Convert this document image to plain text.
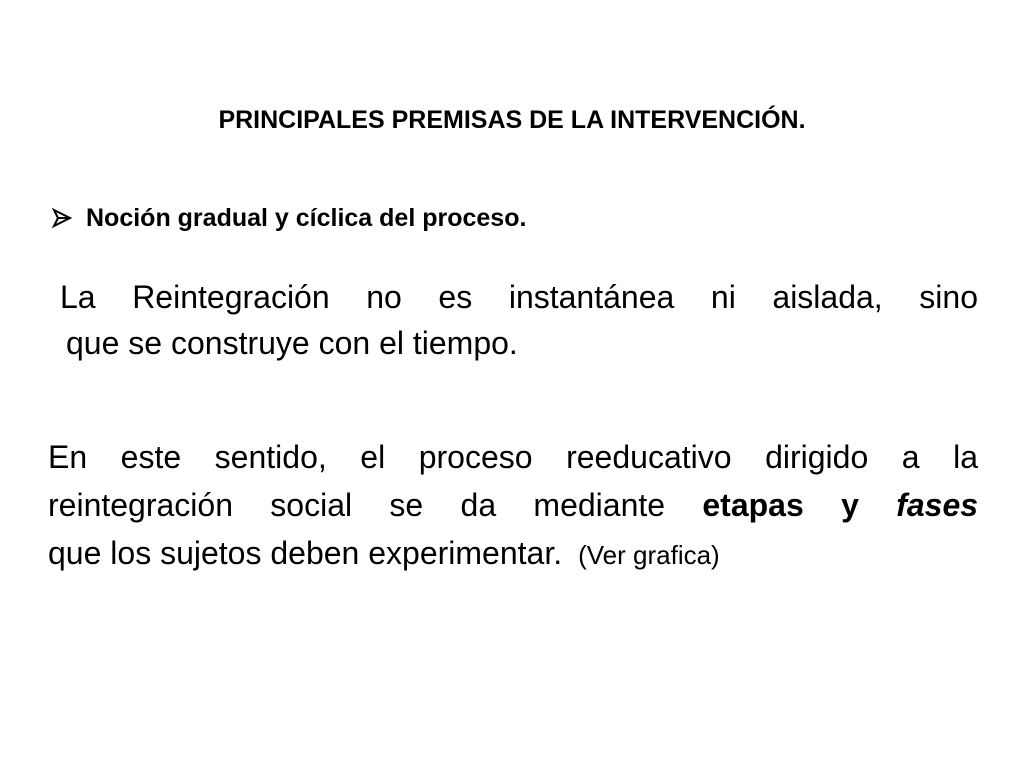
PRINCIPALES PREMISAS DE LA INTERVENCIÓN.
Noción gradual y cíclica del proceso.
La Reintegración no es instantánea ni aislada, sino
que se construye con el tiempo.
En este sentido, el proceso reeducativo dirigido a la
reintegración social se da mediante etapas y fases
que los sujetos deben experimentar. (Ver grafica)
